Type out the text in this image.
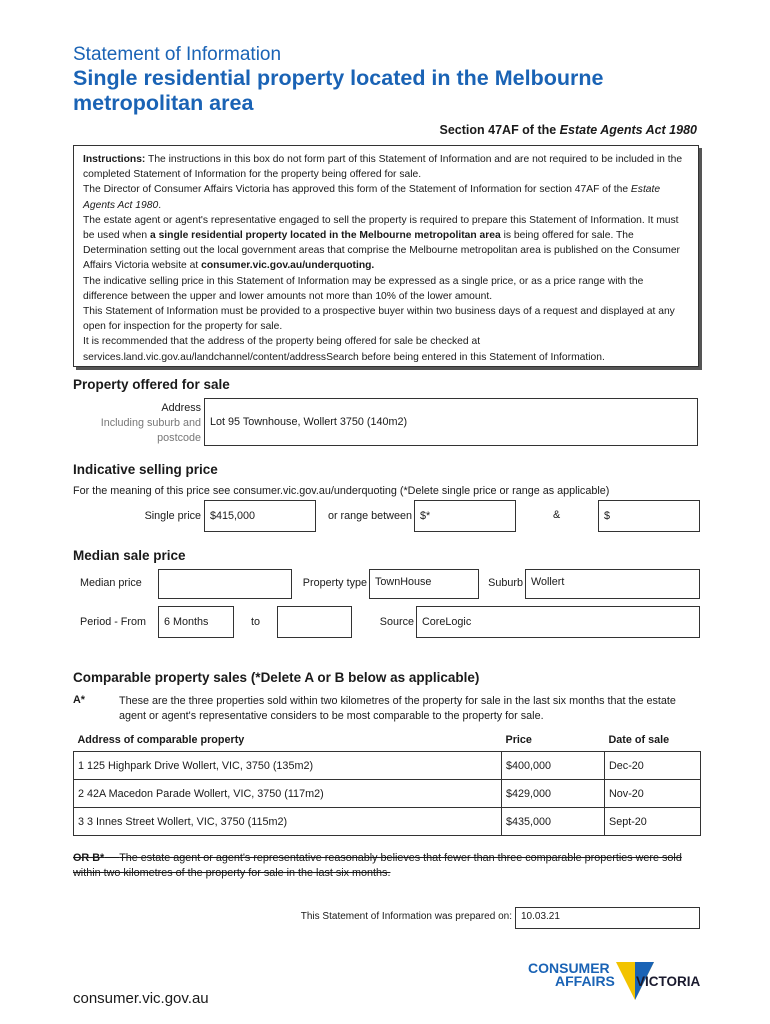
Statement of Information
Single residential property located in the Melbourne metropolitan area
Section 47AF of the Estate Agents Act 1980

Instructions: The instructions in this box do not form part of this Statement of Information and are not required to be included in the completed Statement of Information for the property being offered for sale.

The Director of Consumer Affairs Victoria has approved this form of the Statement of Information for section 47AF of the Estate Agents Act 1980.

The estate agent or agent's representative engaged to sell the property is required to prepare this Statement of Information. It must be used when a single residential property located in the Melbourne metropolitan area is being offered for sale. The Determination setting out the local government areas that comprise the Melbourne metropolitan area is published on the Consumer Affairs Victoria website at consumer.vic.gov.au/underquoting.

The indicative selling price in this Statement of Information may be expressed as a single price, or as a price range with the difference between the upper and lower amounts not more than 10% of the lower amount.

This Statement of Information must be provided to a prospective buyer within two business days of a request and displayed at any open for inspection for the property for sale.

It is recommended that the address of the property being offered for sale be checked at services.land.vic.gov.au/landchannel/content/addressSearch before being entered in this Statement of Information.

Property offered for sale
Address
Including suburb and
postcode
Lot 95 Townhouse, Wollert 3750 (140m2)
Indicative selling price
For the meaning of this price see consumer.vic.gov.au/underquoting (*Delete single price or range as applicable)
Single price $415,000	or range between $*	&	$
Median sale price
Median price	Property type TownHouse	Suburb Wollert
Period - From	6 Months	to	Source CoreLogic
Comparable property sales (*Delete A or B below as applicable)
A*	These are the three properties sold within two kilometres of the property for sale in the last six months that the estate agent or agent's representative considers to be most comparable to the property for sale.
Address of comparable property	Price	Date of sale
1 125 Highpark Drive Wollert, VIC, 3750 (135m2)	$400,000	Dec-20
2 42A Macedon Parade Wollert, VIC, 3750 (117m2)	$429,000	Nov-20
3 3 Innes Street Wollert, VIC, 3750 (115m2)	$435,000	Sept-20
OR B* The estate agent or agent's representative reasonably believes that fewer than three comparable properties were sold within two kilometres of the property for sale in the last six months.
This Statement of Information was prepared on: 10.03.21
consumer.vic.gov.au
CONSUMER
AFFAIRS VICTORIA
